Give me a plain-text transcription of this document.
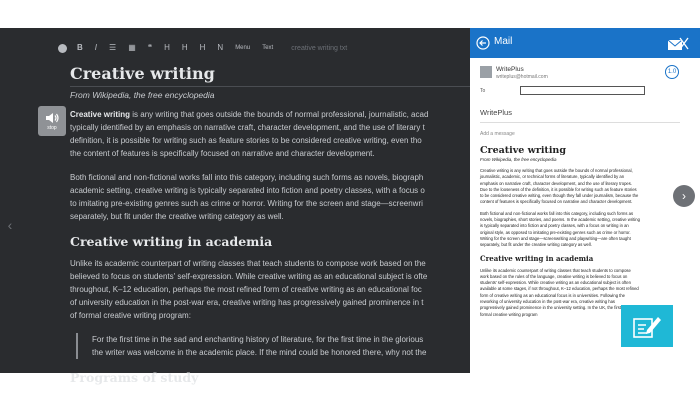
B I ☰ ▦ ❝ H H H N	Menu	Text	creative writing txt
stop
Creative writing
From Wikipedia, the free encyclopedia
Creative writing is any writing that goes outside the bounds of normal professional, journalistic, acad
typically identified by an emphasis on narrative craft, character development, and the use of literary t
definition, it is possible for writing such as feature stories to be considered creative writing, even tho
the content of features is specifically focused on narrative and character development.
Both fictional and non-fictional works fall into this category, including such forms as novels, biograph
academic setting, creative writing is typically separated into fiction and poetry classes, with a focus o
to imitating pre-existing genres such as crime or horror. Writing for the screen and stage—screenwri
separately, but fit under the creative writing category as well.
Creative writing in academia
Unlike its academic counterpart of writing classes that teach students to compose work based on the
believed to focus on students' self-expression. While creative writing as an educational subject is ofte
throughout, K–12 education, perhaps the most refined form of creative writing as an educational foc
of university education in the post-war era, creative writing has progressively gained prominence in t
of formal creative writing program:
For the first time in the sad and enchanting history of literature, for the first time in the glorious
the writer was welcome in the academic place. If the mind could be honored there, why not the
Programs of study
‹
Mail
WritePlus
writeplus@hotmail.com
1.0
To
WritePlus
Add a message
Creative writing
From Wikipedia, the free encyclopedia
Creative writing is any writing that goes outside the bounds of normal professional,
journalistic, academic, or technical forms of literature, typically identified by an
emphasis on narrative craft, character development, and the use of literary tropes.
Due to the looseness of the definition, it is possible for writing such as feature stories
to be considered creative writing, even though they fall under journalism, because the
content of features is specifically focused on narrative and character development.
Both fictional and non-fictional works fall into this category, including such forms as
novels, biographies, short stories, and poems. In the academic setting, creative writing
is typically separated into fiction and poetry classes, with a focus on writing in an
original style, as opposed to imitating pre-existing genres such as crime or horror.
Writing for the screen and stage—screenwriting and playwriting—are often taught
separately, but fit under the creative writing category as well.
Creative writing in academia
Unlike its academic counterpart of writing classes that teach students to compose
work based on the rules of the language, creative writing is believed to focus on
students' self-expression. While creative writing as an educational subject is often
available at some stages, if not throughout, K–12 education, perhaps the most refined
form of creative writing as an educational focus is in universities. Following the
reworking of university education in the post-war era, creative writing has
progressively gained prominence in the university setting. In the UK, the first
formal creative writing program
›
